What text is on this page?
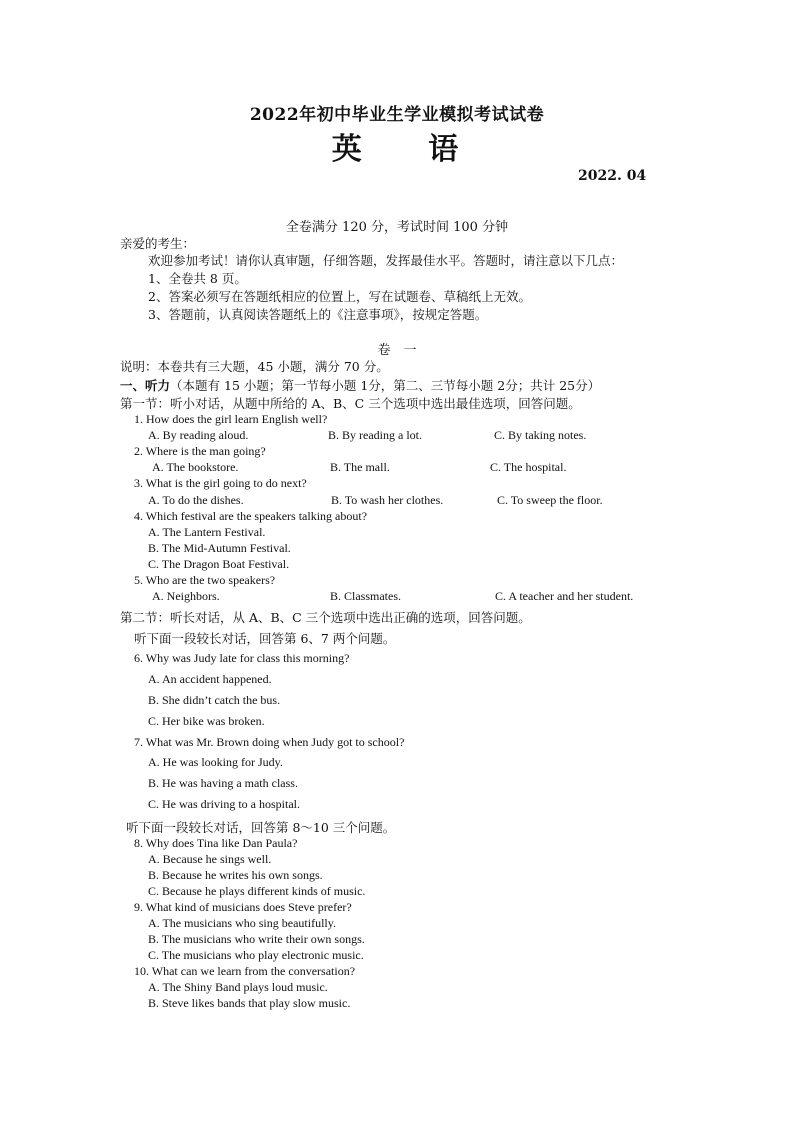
2022年初中毕业生学业模拟考试试卷
英 语
2022. 04
全卷满分 120 分，考试时间 100 分钟
亲爱的考生：
欢迎参加考试！请你认真审题，仔细答题，发挥最佳水平。答题时，请注意以下几点：
1、全卷共 8 页。
2、答案必须写在答题纸相应的位置上，写在试题卷、草稿纸上无效。
3、答题前，认真阅读答题纸上的《注意事项》，按规定答题。
卷　一
说明：本卷共有三大题，45 小题，满分 70 分。
一、听力（本题有 15 小题；第一节每小题 1分，第二、三节每小题 2分；共计 25分）
第一节：听小对话，从题中所给的 A、B、C 三个选项中选出最佳选项，回答问题。
1. How does the girl learn English well?
A. By reading aloud.	B. By reading a lot.	C. By taking notes.
2. Where is the man going?
A. The bookstore.	B. The mall.	C. The hospital.
3. What is the girl going to do next?
A. To do the dishes.	B. To wash her clothes.	C. To sweep the floor.
4. Which festival are the speakers talking about?
A. The Lantern Festival.
B. The Mid-Autumn Festival.
C. The Dragon Boat Festival.
5. Who are the two speakers?
A. Neighbors.	B. Classmates.	C. A teacher and her student.
第二节：听长对话，从 A、B、C 三个选项中选出正确的选项，回答问题。
听下面一段较长对话，回答第 6、7 两个问题。
6. Why was Judy late for class this morning?
A. An accident happened.
B. She didn’t catch the bus.
C. Her bike was broken.
7. What was Mr. Brown doing when Judy got to school?
A. He was looking for Judy.
B. He was having a math class.
C. He was driving to a hospital.
听下面一段较长对话，回答第 8～10 三个问题。
8. Why does Tina like Dan Paula?
A. Because he sings well.
B. Because he writes his own songs.
C. Because he plays different kinds of music.
9. What kind of musicians does Steve prefer?
A. The musicians who sing beautifully.
B. The musicians who write their own songs.
C. The musicians who play electronic music.
10. What can we learn from the conversation?
A. The Shiny Band plays loud music.
B. Steve likes bands that play slow music.
